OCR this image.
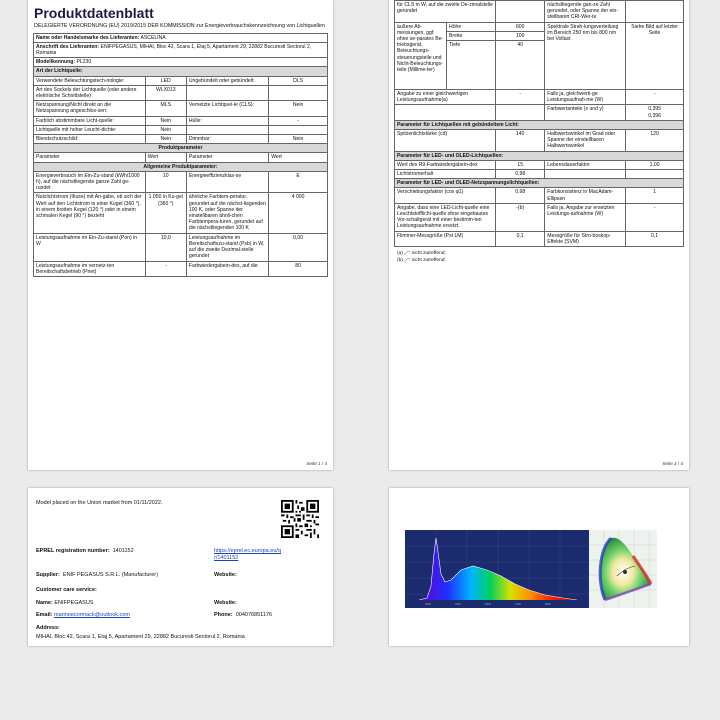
Produktdatenblatt
DELEGIERTE VERORDNUNG (EU) 2019/2015 DER KOMMISSION zur Energieverbrauchskennzeichnung von Lichtquellen
Name oder Handelsmarke des Lieferanten: ASCELINA			
Anschrift des Lieferanten: ENIFPEGASUS, MIHAI, Bloc 42, Scara 1, Etaj 5, Apartament 29, 22882 Bucuresti Sectorul 2, Romania			
Modellkennung: PL230			
Art der Lichtquelle:			
Verwendete Beleuchtungstech-nologie:	LED	Ungebündelt oder gebündelt:	DLS
Art des Sockels der Lichtquelle (oder andere elektrische Schnittstelle)	WLX013		
Netzspannung/Nicht direkt an die Netzspannung angeschlos-sen:	MLS	Vernetzte Lichtquel-le (CLS):	Nein
Farblich abstimmbare Licht-quelle:	Nein	Hülle:	-
Lichtquelle mit hoher Leucht-dichte:	Nein		
Blendschutzschild:	Nein	Dimmbar:	Nein
Produktparameter			
Parameter	Wert	Parameter	Wert
Allgemeine Produktparameter:			
Energieverbrauch im Ein-Zu-stand (kWh/1000 h), auf die nächstliegende ganze Zahl ge-rundet	10	Energieeffizienzklas-se	E
Nutzlichtstrom (Φuse) mit An-gabe, ob sich der Wert auf den Lichtstrom in einer Kugel (360 °), in einem breiten Kegel (120 °) oder in einem schmalen Kegel (90 °) bezieht	1 050 in Ku-gel (360 °)	ähnliche Farbtem-peratur, gerundet auf die nächst-liegenden 100 K, oder Spanne der einstellbaren ähnli-chen Farbtempera-turen, gerundet auf die nächstliegenden 100 K	4 000
Leistungsaufnahme im Ein-Zu-stand (Pon) in W	10,0	Leistungsaufnahme im Bereitschaftszu-stand (Psb) in W, auf die zweite Dezimal-stelle gerundet	0,00
Leistungsaufnahme im vernetz-ten Bereitschaftsbetrieb (Pnet)	-	Farbwiedergabein-dex, auf die	80
Seite 1 / 4
für CLS in W, auf die zweite De-zimalstelle gerundet			nächstliegende gan-ze Zahl gerundet, oder Spanne der ein-stellbaren CRI-Wer-te	
äußere Ab-messungen, ggf. ohne se-parates Be-triebsgerät, Beleuchtungs-steuerungsteile und Nicht-Beleuchtungs-teile (Millime-ter)	Höhe	600	Spektrale Strah-lungsverteilung im Bereich 250 nm bis 800 nm bei Vollast	Siehe Bild auf letzter Seite
	Breite	100		
	Tiefe	40		
Angabe zu einer gleichwertigen Leistungsaufnahme(a)		-	Falls ja, gleichwerti-ge Leistungsaufnah-me (W)	-
			Farbwertanteile (x und y)	0,395
0,396
Parameter für Lichtquellen mit gebündeltem Licht:				
Spitzenlichtstärke (cd)		140	Halbwertswinkel im Grad oder Spanne der einstellbaren Halbwertswinkel	120
Parameter für LED- und OLED-Lichtquellen:				
Wert des R9-Farbwiedergabein-dex		15	Lebensdauerfaktor	1,00
Lichtstromerhalt		0,98		
Parameter für LED- und OLED-Netzspannungslichtquellen:				
Verschiebungsfaktor (cos φ1)		0,98	Farbkonsistenz in MacAdam-Ellipsen	1
Angabe, dass eine LED-Licht-quelle eine Leuchtstofflicht-quelle ohne eingebautes Vor-schaltgerät mit einer bestimm-ten Leistungsaufnahme ersetzt.		-(b)	Falls ja, Angabe zur ersetzten Leistungs-aufnahme (W)	-
Flimmer-Messgröße (Pst LM)		0,1	Messgröße für Stro-boskop-Effekte (SVM)	0,1
(a) „-“: nicht zutreffend;
(b) „-“: nicht zutreffend;
Seite 2 / 4
Model placed on the Union market from 01/11/2022.
EPREL registration number: 1401152	https://eprel.ec.europa.eu/qr/1401152
Supplier: ENIF PEGASUS S.R.L. (Manufacturer)	Website:
Customer care service:
Name: ENIFPEGASUS	Website:
Email: marinoecormack@outlook.com	Phone: 004076851176
Address:
MIHAI, Bloc 42, Scara 1, Etaj 5, Apartament 29, 22882 Bucuresti Sectorul 2, Romania
400	500	600	700	800
